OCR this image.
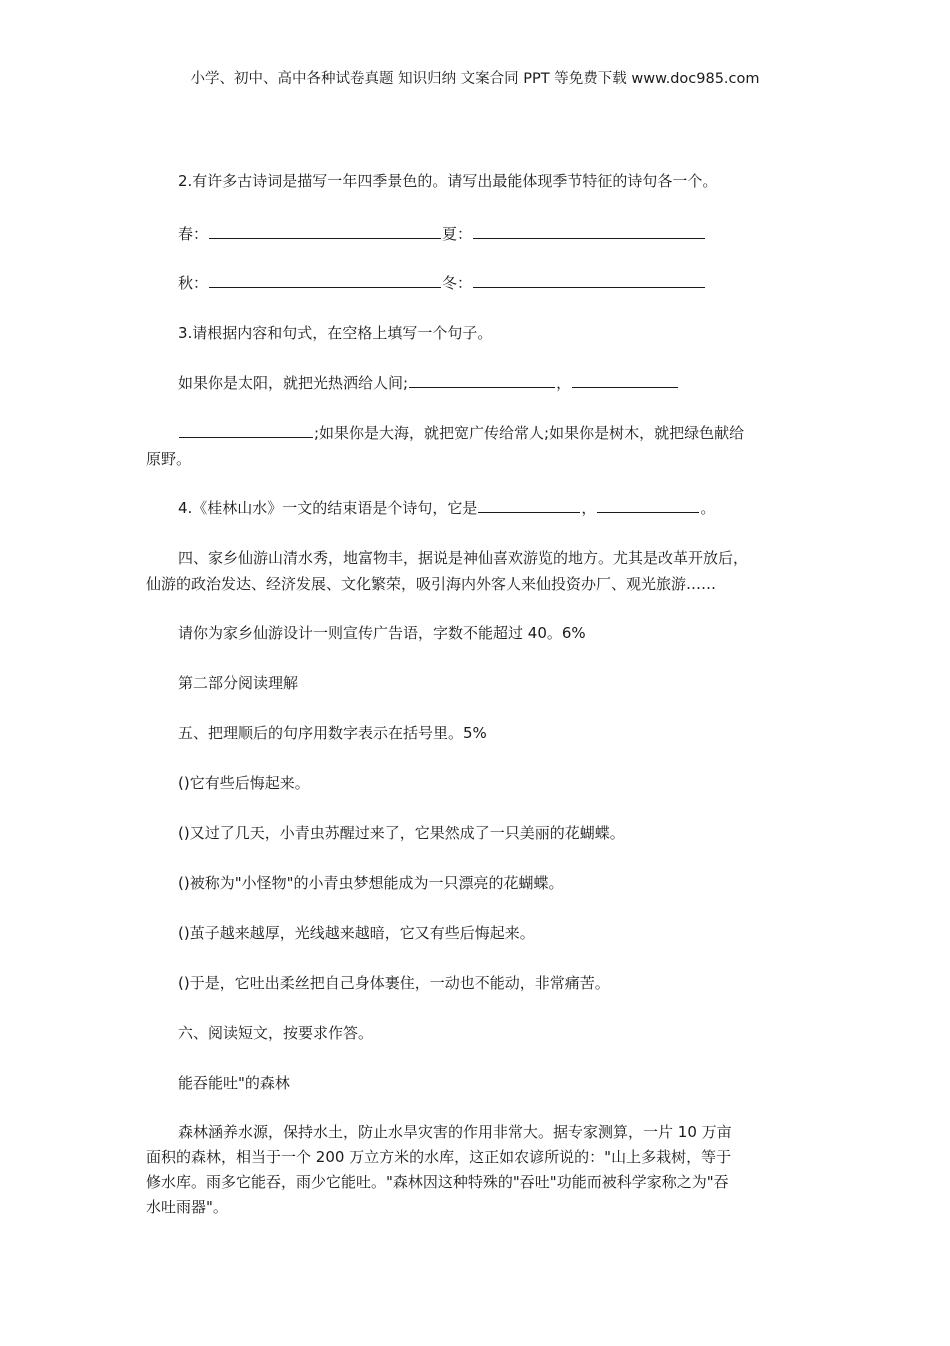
小学、初中、高中各种试卷真题 知识归纳 文案合同 PPT 等免费下载 www.doc985.com
2.有许多古诗词是描写一年四季景色的。请写出最能体现季节特征的诗句各一个。
春：	夏：
秋：	冬：
3.请根据内容和句式，在空格上填写一个句子。
如果你是太阳，就把光热洒给人间;	，
;如果你是大海，就把宽广传给常人;如果你是树木，就把绿色献给
原野。
4.《桂林山水》一文的结束语是个诗句，它是	，	。
四、家乡仙游山清水秀，地富物丰，据说是神仙喜欢游览的地方。尤其是改革开放后，
仙游的政治发达、经济发展、文化繁荣，吸引海内外客人来仙投资办厂、观光旅游……
请你为家乡仙游设计一则宣传广告语，字数不能超过 40。6%
第二部分阅读理解
五、把理顺后的句序用数字表示在括号里。5%
()它有些后悔起来。
()又过了几天，小青虫苏醒过来了，它果然成了一只美丽的花蝴蝶。
()被称为"小怪物"的小青虫梦想能成为一只漂亮的花蝴蝶。
()茧子越来越厚，光线越来越暗，它又有些后悔起来。
()于是，它吐出柔丝把自己身体裹住，一动也不能动，非常痛苦。
六、阅读短文，按要求作答。
能吞能吐"的森林
森林涵养水源，保持水土，防止水旱灾害的作用非常大。据专家测算，一片 10 万亩
面积的森林，相当于一个 200 万立方米的水库，这正如农谚所说的："山上多栽树，等于
修水库。雨多它能吞，雨少它能吐。"森林因这种特殊的"吞吐"功能而被科学家称之为"吞
水吐雨器"。
